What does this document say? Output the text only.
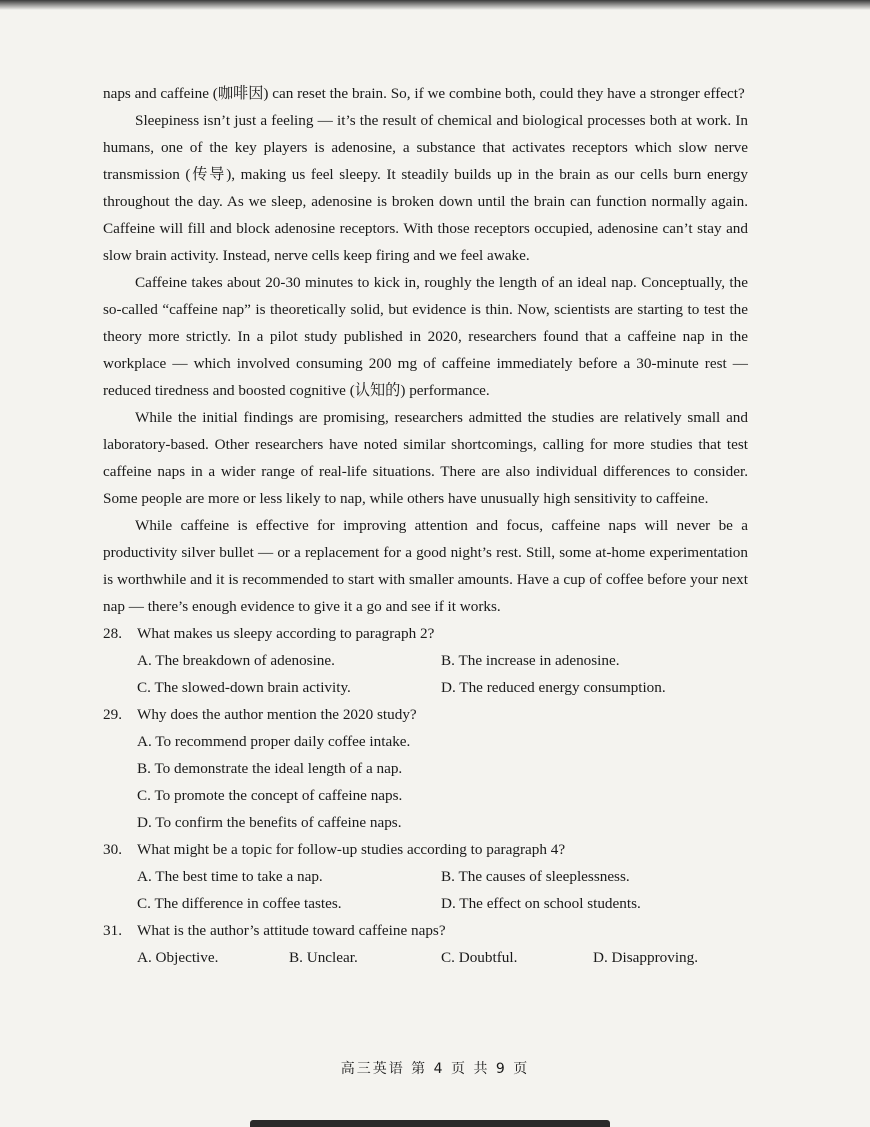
naps and caffeine (咖啡因) can reset the brain. So, if we combine both, could they have a stronger effect?

Sleepiness isn’t just a feeling — it’s the result of chemical and biological processes both at work. In humans, one of the key players is adenosine, a substance that activates receptors which slow nerve transmission (传导), making us feel sleepy. It steadily builds up in the brain as our cells burn energy throughout the day. As we sleep, adenosine is broken down until the brain can function normally again. Caffeine will fill and block adenosine receptors. With those receptors occupied, adenosine can’t stay and slow brain activity. Instead, nerve cells keep firing and we feel awake.

Caffeine takes about 20-30 minutes to kick in, roughly the length of an ideal nap. Conceptually, the so-called “caffeine nap” is theoretically solid, but evidence is thin. Now, scientists are starting to test the theory more strictly. In a pilot study published in 2020, researchers found that a caffeine nap in the workplace — which involved consuming 200 mg of caffeine immediately before a 30-minute rest — reduced tiredness and boosted cognitive (认知的) performance.

While the initial findings are promising, researchers admitted the studies are relatively small and laboratory-based. Other researchers have noted similar shortcomings, calling for more studies that test caffeine naps in a wider range of real-life situations. There are also individual differences to consider. Some people are more or less likely to nap, while others have unusually high sensitivity to caffeine.

While caffeine is effective for improving attention and focus, caffeine naps will never be a productivity silver bullet — or a replacement for a good night’s rest. Still, some at-home experimentation is worthwhile and it is recommended to start with smaller amounts. Have a cup of coffee before your next nap — there’s enough evidence to give it a go and see if it works.

28. What makes us sleepy according to paragraph 2?
A. The breakdown of adenosine.	B. The increase in adenosine.
C. The slowed-down brain activity.	D. The reduced energy consumption.
29. Why does the author mention the 2020 study?
A. To recommend proper daily coffee intake.
B. To demonstrate the ideal length of a nap.
C. To promote the concept of caffeine naps.
D. To confirm the benefits of caffeine naps.
30. What might be a topic for follow-up studies according to paragraph 4?
A. The best time to take a nap.	B. The causes of sleeplessness.
C. The difference in coffee tastes.	D. The effect on school students.
31. What is the author’s attitude toward caffeine naps?
A. Objective.	B. Unclear.	C. Doubtful.	D. Disapproving.
高三英语 第 4 页 共 9 页
